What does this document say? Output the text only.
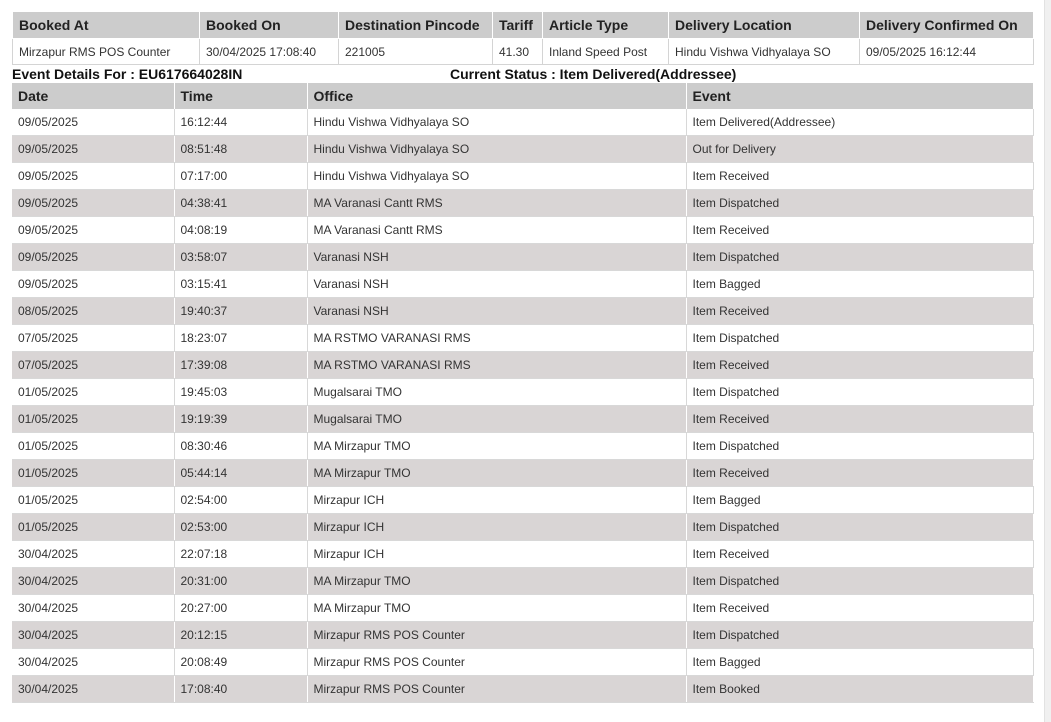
Booked At	Booked On	Destination Pincode	Tariff	Article Type	Delivery Location	Delivery Confirmed On
Mirzapur RMS POS Counter	30/04/2025 17:08:40	221005	41.30	Inland Speed Post	Hindu Vishwa Vidhyalaya SO	09/05/2025 16:12:44
Event Details For : EU617664028IN	Current Status : Item Delivered(Addressee)
Date	Time	Office	Event
09/05/2025	16:12:44	Hindu Vishwa Vidhyalaya SO	Item Delivered(Addressee)
09/05/2025	08:51:48	Hindu Vishwa Vidhyalaya SO	Out for Delivery
09/05/2025	07:17:00	Hindu Vishwa Vidhyalaya SO	Item Received
09/05/2025	04:38:41	MA Varanasi Cantt RMS	Item Dispatched
09/05/2025	04:08:19	MA Varanasi Cantt RMS	Item Received
09/05/2025	03:58:07	Varanasi NSH	Item Dispatched
09/05/2025	03:15:41	Varanasi NSH	Item Bagged
08/05/2025	19:40:37	Varanasi NSH	Item Received
07/05/2025	18:23:07	MA RSTMO VARANASI RMS	Item Dispatched
07/05/2025	17:39:08	MA RSTMO VARANASI RMS	Item Received
01/05/2025	19:45:03	Mugalsarai TMO	Item Dispatched
01/05/2025	19:19:39	Mugalsarai TMO	Item Received
01/05/2025	08:30:46	MA Mirzapur TMO	Item Dispatched
01/05/2025	05:44:14	MA Mirzapur TMO	Item Received
01/05/2025	02:54:00	Mirzapur ICH	Item Bagged
01/05/2025	02:53:00	Mirzapur ICH	Item Dispatched
30/04/2025	22:07:18	Mirzapur ICH	Item Received
30/04/2025	20:31:00	MA Mirzapur TMO	Item Dispatched
30/04/2025	20:27:00	MA Mirzapur TMO	Item Received
30/04/2025	20:12:15	Mirzapur RMS POS Counter	Item Dispatched
30/04/2025	20:08:49	Mirzapur RMS POS Counter	Item Bagged
30/04/2025	17:08:40	Mirzapur RMS POS Counter	Item Booked
